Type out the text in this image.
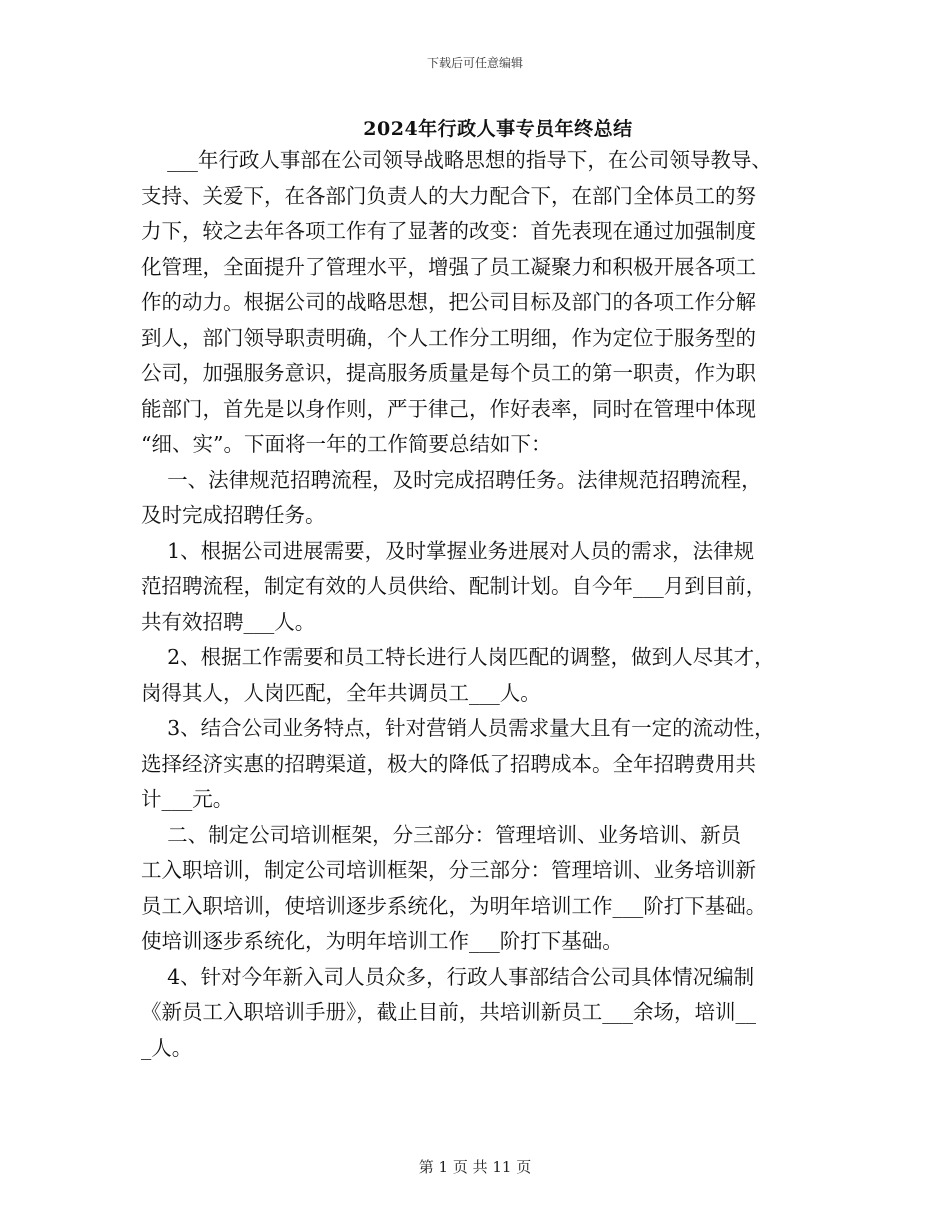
下载后可任意编辑
2024年行政人事专员年终总结

___年行政人事部在公司领导战略思想的指导下，在公司领导教导、

支持、关爱下，在各部门负责人的大力配合下，在部门全体员工的努

力下，较之去年各项工作有了显著的改变：首先表现在通过加强制度

化管理，全面提升了管理水平，增强了员工凝聚力和积极开展各项工

作的动力。根据公司的战略思想，把公司目标及部门的各项工作分解

到人，部门领导职责明确，个人工作分工明细，作为定位于服务型的

公司，加强服务意识，提高服务质量是每个员工的第一职责，作为职

能部门，首先是以身作则，严于律己，作好表率，同时在管理中体现

“细、实”。下面将一年的工作简要总结如下：

一、法律规范招聘流程，及时完成招聘任务。法律规范招聘流程，

及时完成招聘任务。

1、根据公司进展需要，及时掌握业务进展对人员的需求，法律规

范招聘流程，制定有效的人员供给、配制计划。自今年___月到目前，

共有效招聘___人。

2、根据工作需要和员工特长进行人岗匹配的调整，做到人尽其才，

岗得其人，人岗匹配，全年共调员工___人。

3、结合公司业务特点，针对营销人员需求量大且有一定的流动性，

选择经济实惠的招聘渠道，极大的降低了招聘成本。全年招聘费用共

计___元。

二、制定公司培训框架，分三部分：管理培训、业务培训、新员

工入职培训，制定公司培训框架，分三部分：管理培训、业务培训新

员工入职培训，使培训逐步系统化，为明年培训工作___阶打下基础。

使培训逐步系统化，为明年培训工作___阶打下基础。

4、针对今年新入司人员众多，行政人事部结合公司具体情况编制

《新员工入职培训手册》，截止目前，共培训新员工___余场，培训__

_人。

第 1 页 共 11 页
